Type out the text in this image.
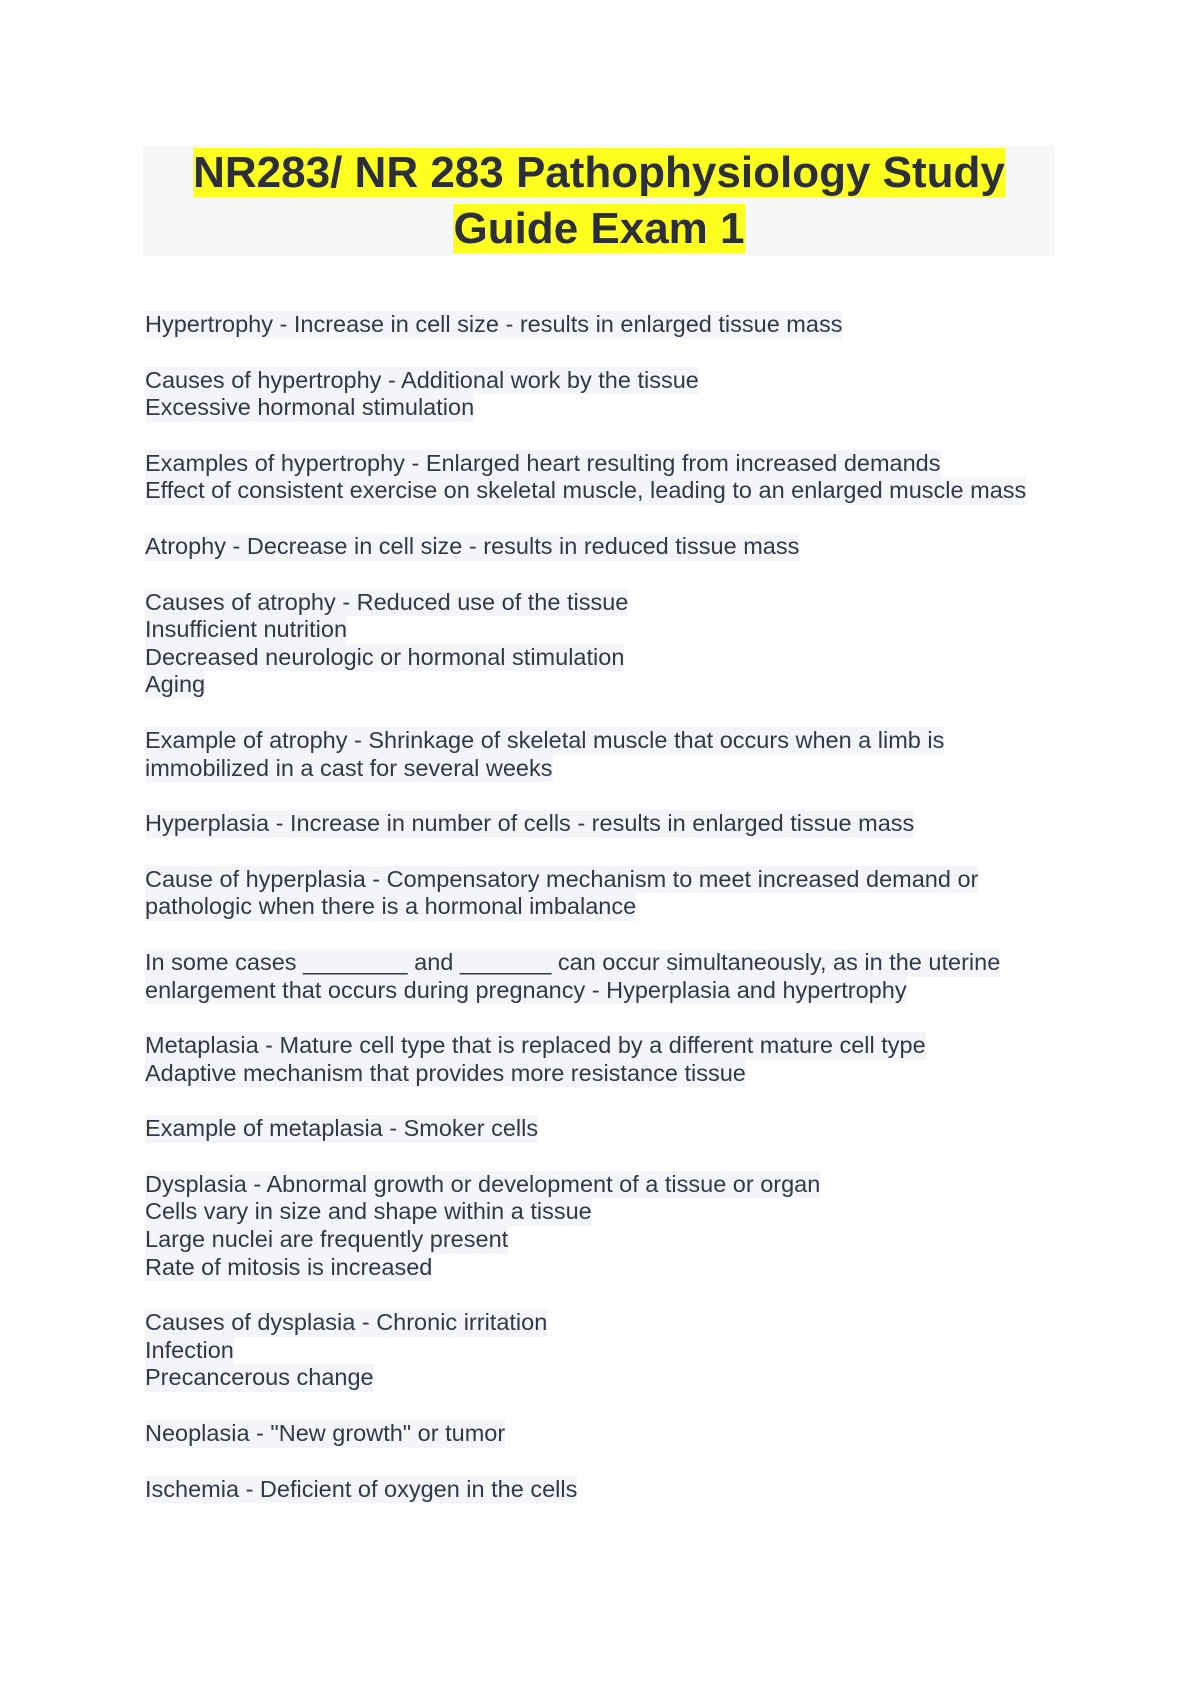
NR283/ NR 283 Pathophysiology Study
Guide Exam 1
Hypertrophy - Increase in cell size - results in enlarged tissue mass
Causes of hypertrophy - Additional work by the tissue
Excessive hormonal stimulation
Examples of hypertrophy - Enlarged heart resulting from increased demands
Effect of consistent exercise on skeletal muscle, leading to an enlarged muscle mass
Atrophy - Decrease in cell size - results in reduced tissue mass
Causes of atrophy - Reduced use of the tissue
Insufficient nutrition
Decreased neurologic or hormonal stimulation
Aging
Example of atrophy - Shrinkage of skeletal muscle that occurs when a limb is
immobilized in a cast for several weeks
Hyperplasia - Increase in number of cells - results in enlarged tissue mass
Cause of hyperplasia - Compensatory mechanism to meet increased demand or
pathologic when there is a hormonal imbalance
In some cases ________ and _______ can occur simultaneously, as in the uterine
enlargement that occurs during pregnancy - Hyperplasia and hypertrophy
Metaplasia - Mature cell type that is replaced by a different mature cell type
Adaptive mechanism that provides more resistance tissue
Example of metaplasia - Smoker cells
Dysplasia - Abnormal growth or development of a tissue or organ
Cells vary in size and shape within a tissue
Large nuclei are frequently present
Rate of mitosis is increased
Causes of dysplasia - Chronic irritation
Infection
Precancerous change
Neoplasia - "New growth" or tumor
Ischemia - Deficient of oxygen in the cells
